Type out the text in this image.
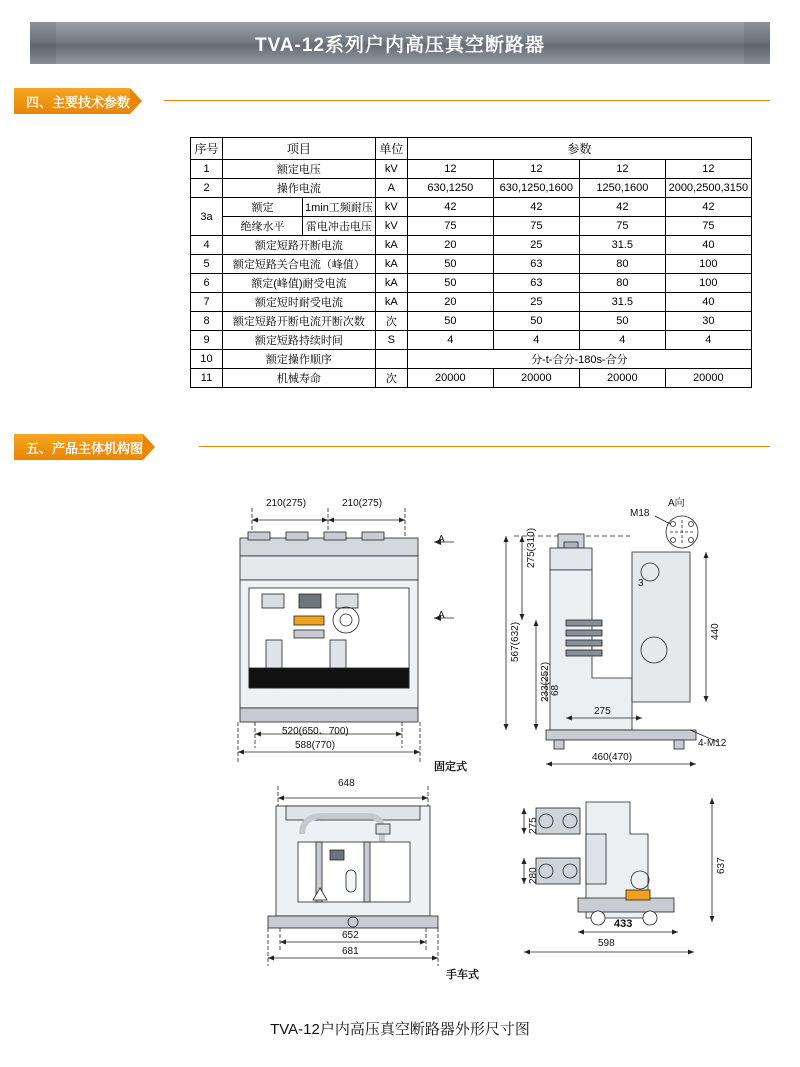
TVA-12系列户内高压真空断路器
四、主要技术参数
序号	项目		单位	参数			
1	额定电压		kV	12	12	12	12
2	操作电流		A	630,1250	630,1250,1600	1250,1600	2000,2500,3150
3a	额定	1min工频耐压	kV	42	42	42	42
	绝缘水平	雷电冲击电压	kV	75	75	75	75
4	额定短路开断电流		kA	20	25	31.5	40
5	额定短路关合电流（峰值）		kA	50	63	80	100
6	额定(峰值)耐受电流		kA	50	63	80	100
7	额定短时耐受电流		kA	20	25	31.5	40
8	额定短路开断电流开断次数		次	50	50	50	30
9	额定短路持续时间		S	4	4	4	4
10	额定操作顺序			分-t-合分-180s-合分			
11	机械寿命		次	20000	20000	20000	20000
五、产品主体机构图
210(275)	210(275)
520(650、700)
588(770)
A
A
275(310)
567(632)
233(252) 68
440
275
460(470)
4-M12
M18
A向
3
固定式
648
652
681
275
280
637
433
598
手车式
TVA-12户内高压真空断路器外形尺寸图
